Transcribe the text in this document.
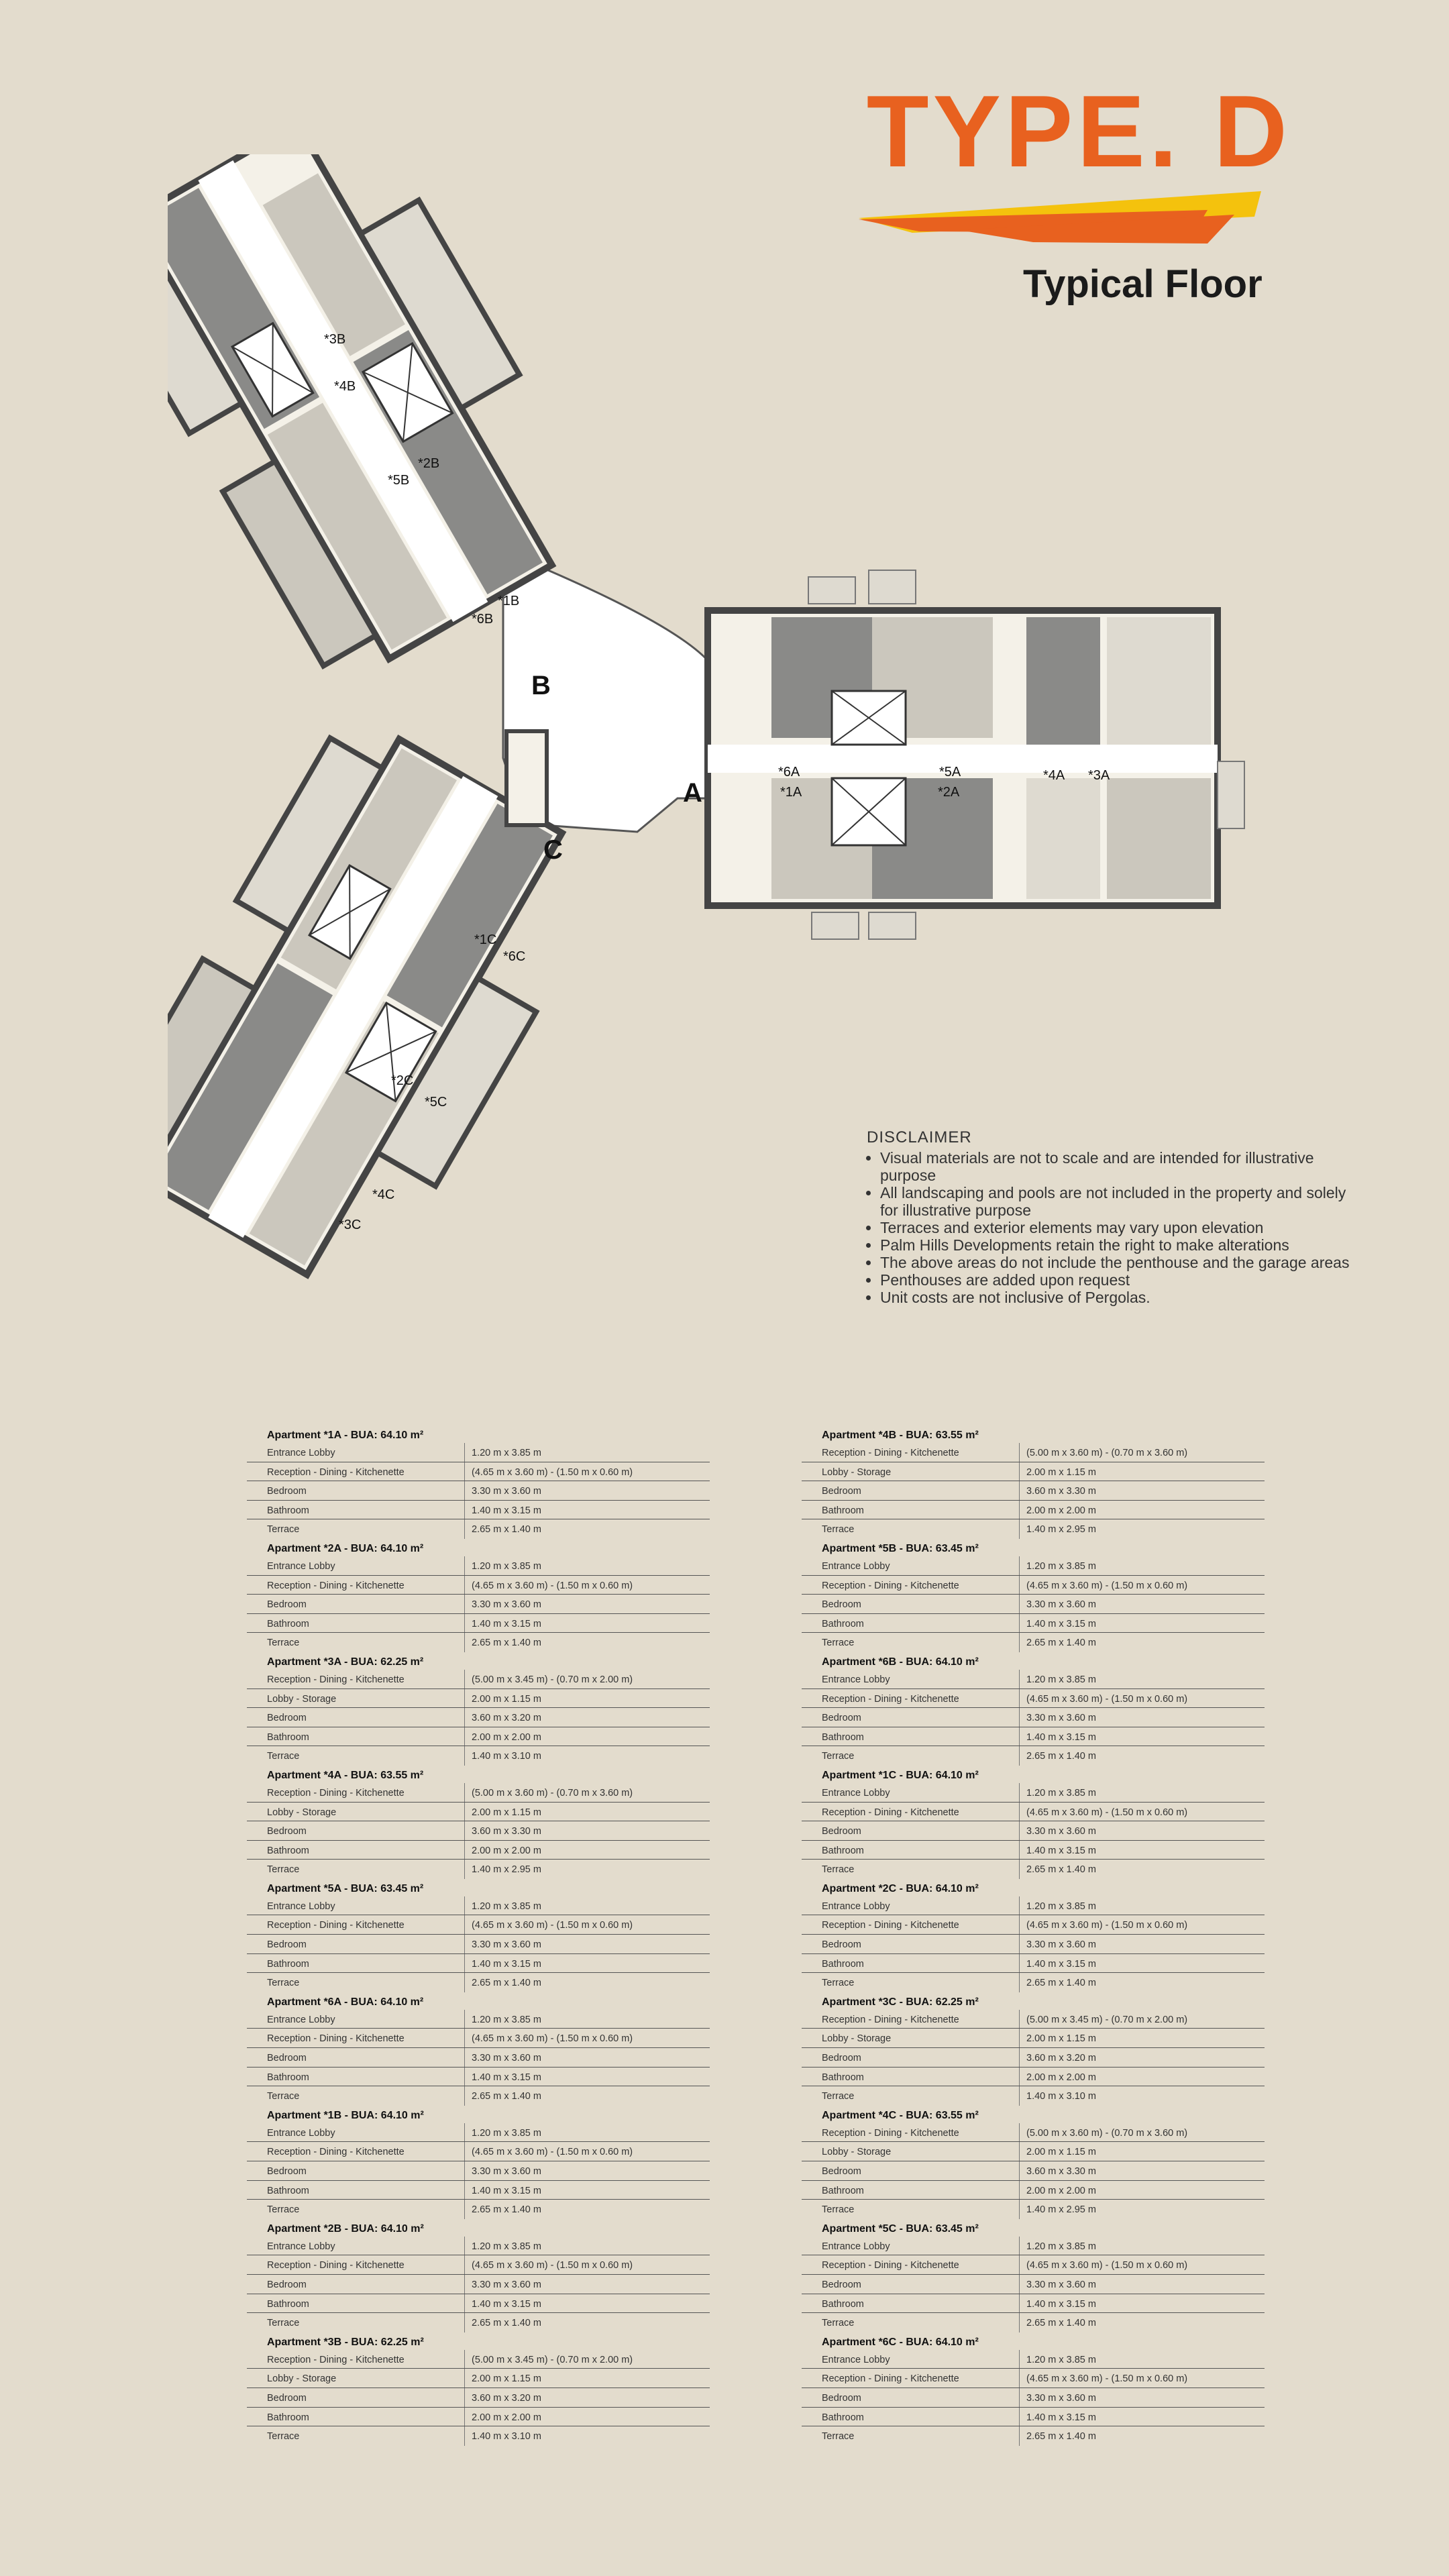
TYPE. D
Typical Floor
A
B
C
*1A	*2A
*3A
*4A
*5A
*6A
*1B
*2B
*3B
*4B
*5B
*6B
*1C
*2C
*3C
*4C
*5C
*6C
DISCLAIMER
• Visual materials are not to scale and are intended for illustrative purpose
• All landscaping and pools are not included in the property and solely for illustrative purpose
• Terraces and exterior elements may vary upon elevation
• Palm Hills Developments retain the right to make alterations
• The above areas do not include the penthouse and the garage areas
• Penthouses are added upon request
• Unit costs are not inclusive of Pergolas.
Apartment *1A - BUA: 64.10 m²
Entrance Lobby	1.20 m x 3.85 m
Reception - Dining - Kitchenette	(4.65 m x 3.60 m) - (1.50 m x 0.60 m)
Bedroom	3.30 m x 3.60 m
Bathroom	1.40 m x 3.15 m
Terrace	2.65 m x 1.40 m
Apartment *2A - BUA: 64.10 m²
Entrance Lobby	1.20 m x 3.85 m
Reception - Dining - Kitchenette	(4.65 m x 3.60 m) - (1.50 m x 0.60 m)
Bedroom	3.30 m x 3.60 m
Bathroom	1.40 m x 3.15 m
Terrace	2.65 m x 1.40 m
Apartment *3A - BUA: 62.25 m²
Reception - Dining - Kitchenette	(5.00 m x 3.45 m) - (0.70 m x 2.00 m)
Lobby - Storage	2.00 m x 1.15 m
Bedroom	3.60 m x 3.20 m
Bathroom	2.00 m x 2.00 m
Terrace	1.40 m x 3.10 m
Apartment *4A - BUA: 63.55 m²
Reception - Dining - Kitchenette	(5.00 m x 3.60 m) - (0.70 m x 3.60 m)
Lobby - Storage	2.00 m x 1.15 m
Bedroom	3.60 m x 3.30 m
Bathroom	2.00 m x 2.00 m
Terrace	1.40 m x 2.95 m
Apartment *5A - BUA: 63.45 m²
Entrance Lobby	1.20 m x 3.85 m
Reception - Dining - Kitchenette	(4.65 m x 3.60 m) - (1.50 m x 0.60 m)
Bedroom	3.30 m x 3.60 m
Bathroom	1.40 m x 3.15 m
Terrace	2.65 m x 1.40 m
Apartment *6A - BUA: 64.10 m²
Entrance Lobby	1.20 m x 3.85 m
Reception - Dining - Kitchenette	(4.65 m x 3.60 m) - (1.50 m x 0.60 m)
Bedroom	3.30 m x 3.60 m
Bathroom	1.40 m x 3.15 m
Terrace	2.65 m x 1.40 m
Apartment *1B - BUA: 64.10 m²
Entrance Lobby	1.20 m x 3.85 m
Reception - Dining - Kitchenette	(4.65 m x 3.60 m) - (1.50 m x 0.60 m)
Bedroom	3.30 m x 3.60 m
Bathroom	1.40 m x 3.15 m
Terrace	2.65 m x 1.40 m
Apartment *2B - BUA: 64.10 m²
Entrance Lobby	1.20 m x 3.85 m
Reception - Dining - Kitchenette	(4.65 m x 3.60 m) - (1.50 m x 0.60 m)
Bedroom	3.30 m x 3.60 m
Bathroom	1.40 m x 3.15 m
Terrace	2.65 m x 1.40 m
Apartment *3B - BUA: 62.25 m²
Reception - Dining - Kitchenette	(5.00 m x 3.45 m) - (0.70 m x 2.00 m)
Lobby - Storage	2.00 m x 1.15 m
Bedroom	3.60 m x 3.20 m
Bathroom	2.00 m x 2.00 m
Terrace	1.40 m x 3.10 m
Apartment *4B - BUA: 63.55 m²
Reception - Dining - Kitchenette	(5.00 m x 3.60 m) - (0.70 m x 3.60 m)
Lobby - Storage	2.00 m x 1.15 m
Bedroom	3.60 m x 3.30 m
Bathroom	2.00 m x 2.00 m
Terrace	1.40 m x 2.95 m
Apartment *5B - BUA: 63.45 m²
Entrance Lobby	1.20 m x 3.85 m
Reception - Dining - Kitchenette	(4.65 m x 3.60 m) - (1.50 m x 0.60 m)
Bedroom	3.30 m x 3.60 m
Bathroom	1.40 m x 3.15 m
Terrace	2.65 m x 1.40 m
Apartment *6B - BUA: 64.10 m²
Entrance Lobby	1.20 m x 3.85 m
Reception - Dining - Kitchenette	(4.65 m x 3.60 m) - (1.50 m x 0.60 m)
Bedroom	3.30 m x 3.60 m
Bathroom	1.40 m x 3.15 m
Terrace	2.65 m x 1.40 m
Apartment *1C - BUA: 64.10 m²
Entrance Lobby	1.20 m x 3.85 m
Reception - Dining - Kitchenette	(4.65 m x 3.60 m) - (1.50 m x 0.60 m)
Bedroom	3.30 m x 3.60 m
Bathroom	1.40 m x 3.15 m
Terrace	2.65 m x 1.40 m
Apartment *2C - BUA: 64.10 m²
Entrance Lobby	1.20 m x 3.85 m
Reception - Dining - Kitchenette	(4.65 m x 3.60 m) - (1.50 m x 0.60 m)
Bedroom	3.30 m x 3.60 m
Bathroom	1.40 m x 3.15 m
Terrace	2.65 m x 1.40 m
Apartment *3C - BUA: 62.25 m²
Reception - Dining - Kitchenette	(5.00 m x 3.45 m) - (0.70 m x 2.00 m)
Lobby - Storage	2.00 m x 1.15 m
Bedroom	3.60 m x 3.20 m
Bathroom	2.00 m x 2.00 m
Terrace	1.40 m x 3.10 m
Apartment *4C - BUA: 63.55 m²
Reception - Dining - Kitchenette	(5.00 m x 3.60 m) - (0.70 m x 3.60 m)
Lobby - Storage	2.00 m x 1.15 m
Bedroom	3.60 m x 3.30 m
Bathroom	2.00 m x 2.00 m
Terrace	1.40 m x 2.95 m
Apartment *5C - BUA: 63.45 m²
Entrance Lobby	1.20 m x 3.85 m
Reception - Dining - Kitchenette	(4.65 m x 3.60 m) - (1.50 m x 0.60 m)
Bedroom	3.30 m x 3.60 m
Bathroom	1.40 m x 3.15 m
Terrace	2.65 m x 1.40 m
Apartment *6C - BUA: 64.10 m²
Entrance Lobby	1.20 m x 3.85 m
Reception - Dining - Kitchenette	(4.65 m x 3.60 m) - (1.50 m x 0.60 m)
Bedroom	3.30 m x 3.60 m
Bathroom	1.40 m x 3.15 m
Terrace	2.65 m x 1.40 m
